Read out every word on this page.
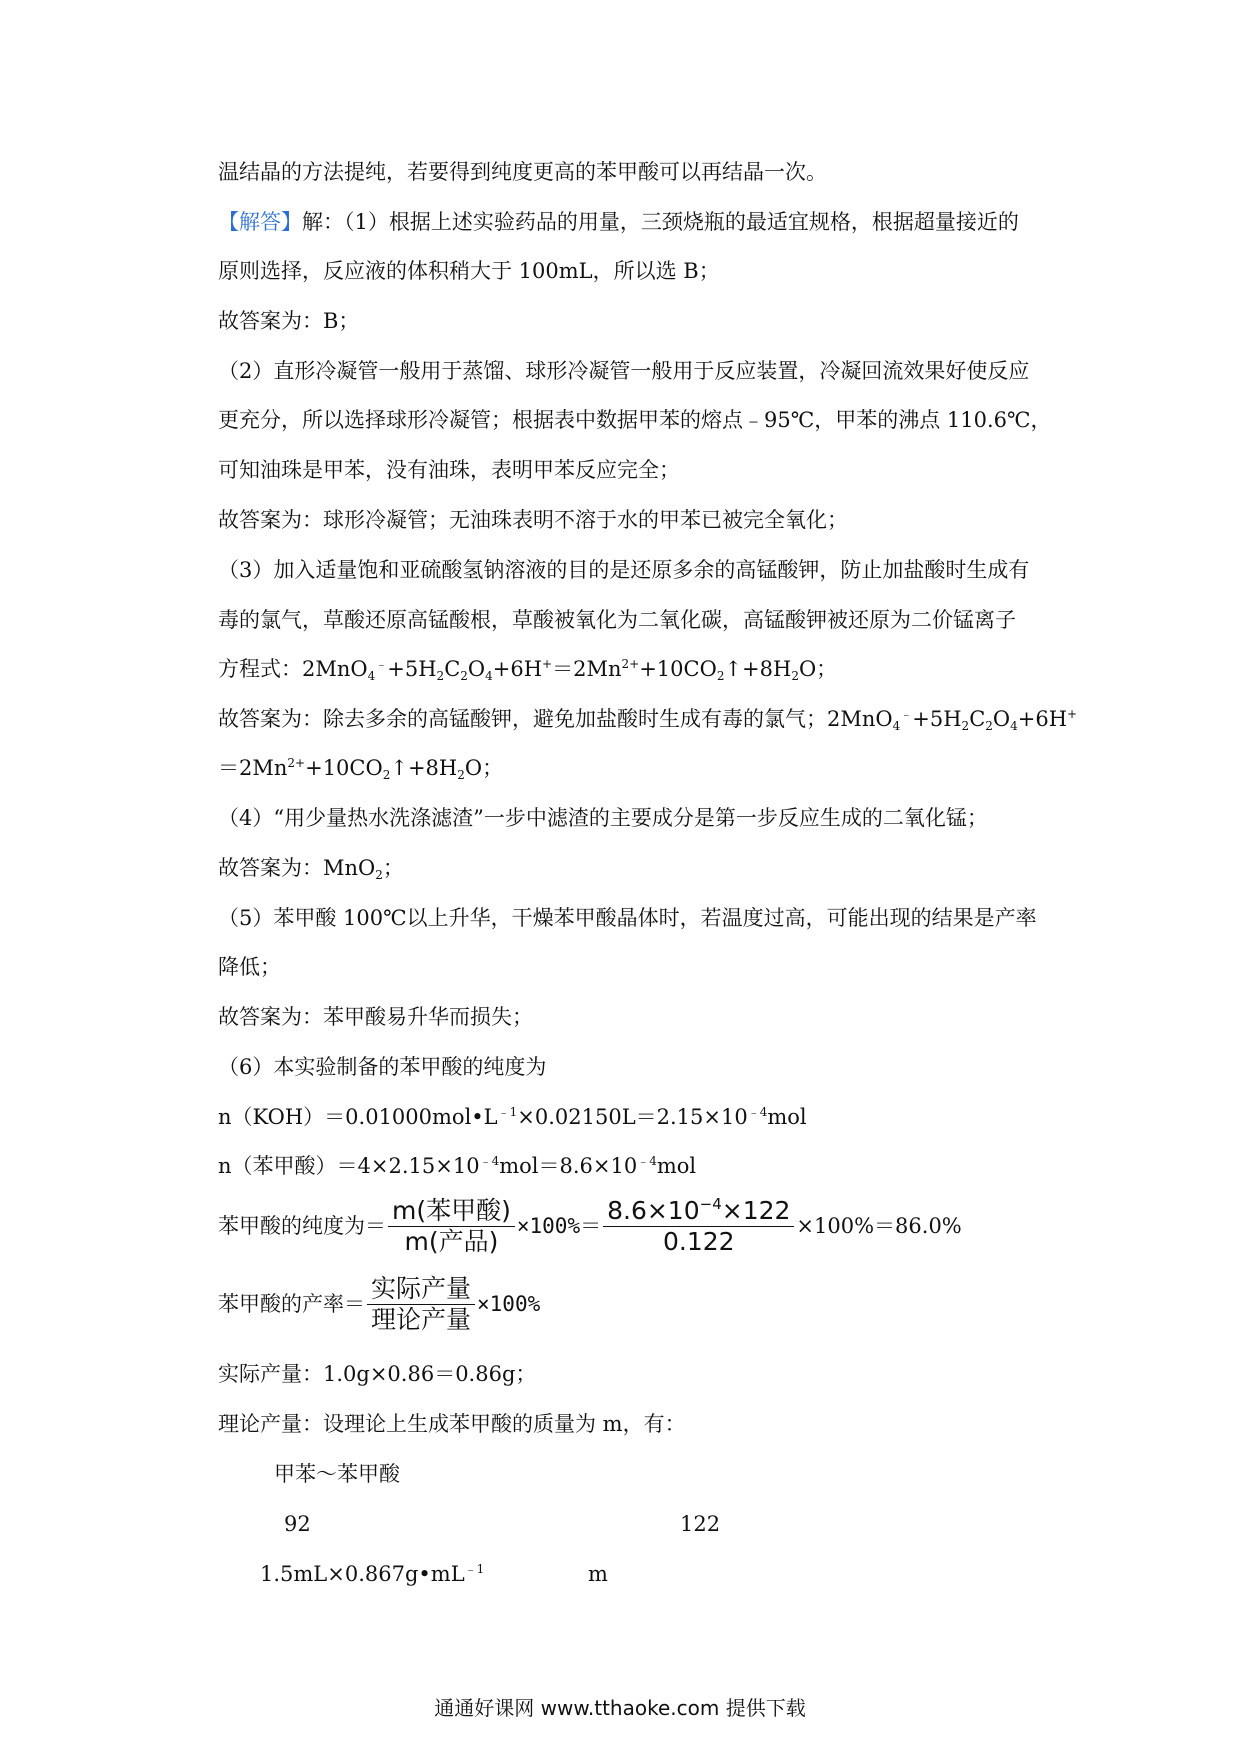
温结晶的方法提纯，若要得到纯度更高的苯甲酸可以再结晶一次。
【解答】解：（1）根据上述实验药品的用量，三颈烧瓶的最适宜规格，根据超量接近的
原则选择，反应液的体积稍大于 100mL，所以选 B；
故答案为：B；
（2）直形冷凝管一般用于蒸馏、球形冷凝管一般用于反应装置，冷凝回流效果好使反应
更充分，所以选择球形冷凝管；根据表中数据甲苯的熔点﹣95℃，甲苯的沸点 110.6℃，
可知油珠是甲苯，没有油珠，表明甲苯反应完全；
故答案为：球形冷凝管；无油珠表明不溶于水的甲苯已被完全氧化；
（3）加入适量饱和亚硫酸氢钠溶液的目的是还原多余的高锰酸钾，防止加盐酸时生成有
毒的氯气，草酸还原高锰酸根，草酸被氧化为二氧化碳，高锰酸钾被还原为二价锰离子
方程式：$2MnO_4^﹣+5H_2C_2O_4+6H^+=2Mn^{2+}+10CO_2↑+8H_2O$；
故答案为：除去多余的高锰酸钾，避免加盐酸时生成有毒的氯气；$2MnO_4^﹣+5H_2C_2O_4+6H^+$
$=2Mn^{2+}+10CO_2↑+8H_2O$；
（4）“用少量热水洗涤滤渣”一步中滤渣的主要成分是第一步反应生成的二氧化锰；
故答案为：MnO$_2$；
（5）苯甲酸 100℃以上升华，干燥苯甲酸晶体时，若温度过高，可能出现的结果是产率
降低；
故答案为：苯甲酸易升华而损失；
（6）本实验制备的苯甲酸的纯度为
$n(KOH)=0.01000mol•L^{﹣1}\times 0.02150L=2.15\times 10^{﹣4}mol$
n（苯甲酸）$=4\times 2.15\times 10^{﹣4}mol=8.6\times 10^{﹣4}mol$
苯甲酸的纯度为＝ $\frac{\text{m(苯甲酸)}}{\text{m(产品)}} \times 100\%= \frac{8.6\times 10^{-4}\times 122}{0.122} \times 100\%=86.0\%$
苯甲酸的产率＝ $\frac{\text{实际产量}}{\text{理论产量}} \times 100\%$
实际产量：1.0g×0.86＝0.86g；
理论产量：设理论上生成苯甲酸的质量为 m，有：
甲苯～苯甲酸
92	122
$1.5mL\times 0.867g•mL^{﹣1}$	m
通通好课网 www.tthaoke.com 提供下载
